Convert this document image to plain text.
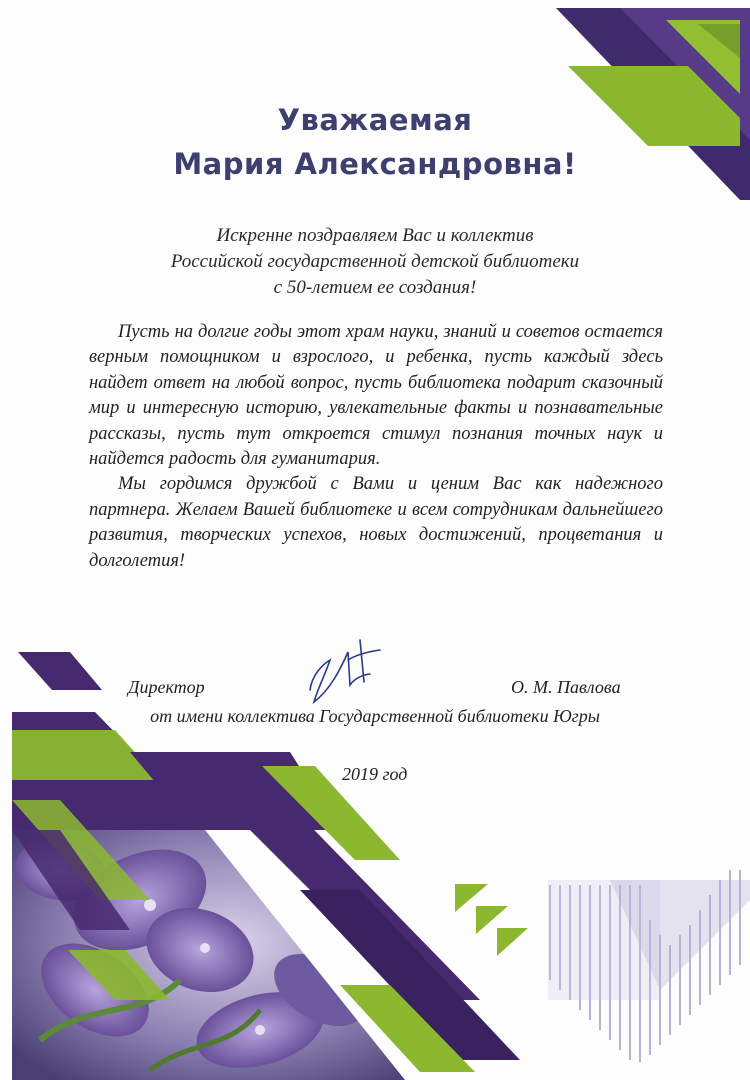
Уважаемая
Мария Александровна!
Искренне поздравляем Вас и коллектив
Российской государственной детской библиотеки
с 50-летием ее создания!

Пусть на долгие годы этот храм науки, знаний и советов остается верным помощником и взрослого, и ребенка, пусть каждый здесь найдет ответ на любой вопрос, пусть библиотека подарит сказочный мир и интересную историю, увлекательные факты и познавательные рассказы, пусть тут откроется стимул познания точных наук и найдется радость для гуманитария.

Мы гордимся дружбой с Вами и ценим Вас как надежного партнера. Желаем Вашей библиотеке и всем сотрудникам дальнейшего развития, творческих успехов, новых достижений, процветания и долголетия!

Директор	О. М. Павлова
от имени коллектива Государственной библиотеки Югры
2019 год
